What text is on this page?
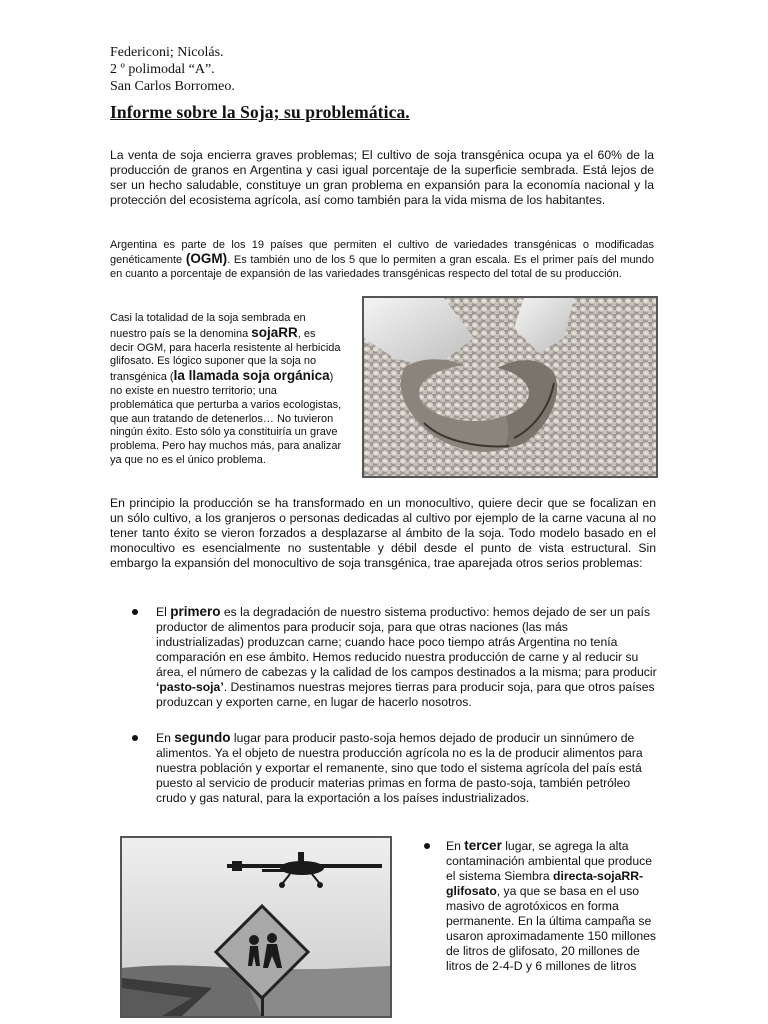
Federiconi; Nicolás.
2 º polimodal “A”.
San Carlos Borromeo.
Informe sobre la Soja; su problemática.
La venta de soja encierra graves problemas; El cultivo de soja transgénica ocupa ya el 60% de la producción de granos en Argentina y casi igual porcentaje de la superficie sembrada. Está lejos de ser un hecho saludable, constituye un gran problema en expansión para la economía nacional y la protección del ecosistema agrícola, así como también para la vida misma de los habitantes.
Argentina es parte de los 19 países que permiten el cultivo de variedades transgénicas o modificadas genéticamente (OGM). Es también uno de los 5 que lo permiten a gran escala. Es el primer país del mundo en cuanto a porcentaje de expansión de las variedades transgénicas respecto del total de su producción.
Casi la totalidad de la soja sembrada en nuestro país se la denomina sojaRR, es decir OGM, para hacerla resistente al herbicida glifosato. Es lógico suponer que la soja no transgénica (la llamada soja orgánica) no existe en nuestro territorio; una problemática que perturba a varios ecologistas, que aun tratando de detenerlos… No tuvieron ningún éxito. Esto sólo ya constituiría un grave problema. Pero hay muchos más, para analizar ya que no es el único problema.
En principio la producción se ha transformado en un monocultivo, quiere decir que se focalizan en un sólo cultivo, a los granjeros o personas dedicadas al cultivo por ejemplo de la carne vacuna al no tener tanto éxito se vieron forzados a desplazarse al ámbito de la soja. Todo modelo basado en el monocultivo es esencialmente no sustentable y débil desde el punto de vista estructural. Sin embargo la expansión del monocultivo de soja transgénica, trae aparejada otros serios problemas:
El primero es la degradación de nuestro sistema productivo: hemos dejado de ser un país productor de alimentos para producir soja, para que otras naciones (las más industrializadas) produzcan carne; cuando hace poco tiempo atrás Argentina no tenía comparación en ese ámbito. Hemos reducido nuestra producción de carne y al reducir su área, el número de cabezas y la calidad de los campos destinados a la misma; para producir ‘pasto-soja’. Destinamos nuestras mejores tierras para producir soja, para que otros países produzcan y exporten carne, en lugar de hacerlo nosotros.
En segundo lugar para producir pasto-soja hemos dejado de producir un sinnúmero de alimentos. Ya el objeto de nuestra producción agrícola no es la de producir alimentos para nuestra población y exportar el remanente, sino que todo el sistema agrícola del país está puesto al servicio de producir materias primas en forma de pasto-soja, también petróleo crudo y gas natural, para la exportación a los países industrializados.
En tercer lugar, se agrega la alta contaminación ambiental que produce el sistema Siembra directa-sojaRR-glifosato, ya que se basa en el uso masivo de agrotóxicos en forma permanente. En la última campaña se usaron aproximadamente 150 millones de litros de glifosato, 20 millones de litros de 2-4-D y 6 millones de litros
